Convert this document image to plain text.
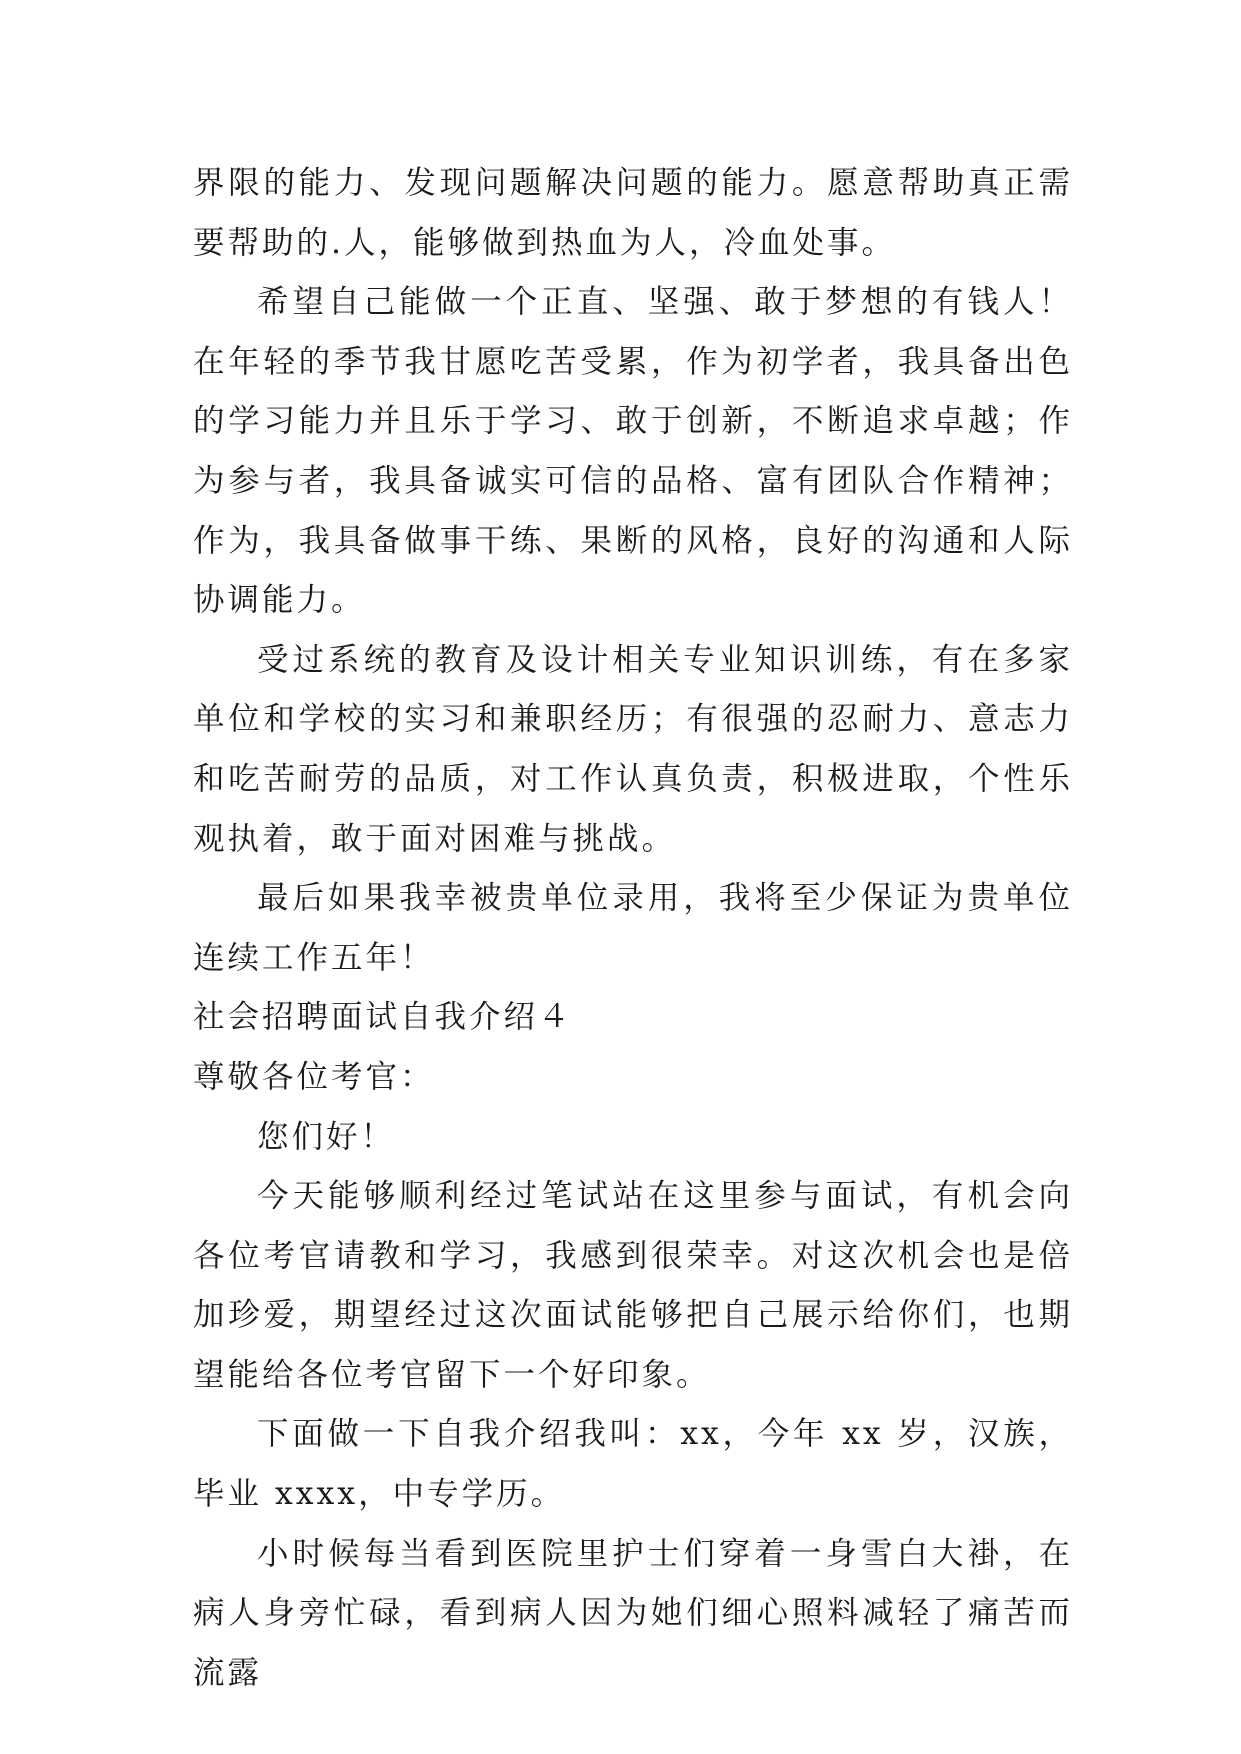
界限的能力、发现问题解决问题的能力。愿意帮助真正需要帮助的.人，能够做到热血为人，冷血处事。

希望自己能做一个正直、坚强、敢于梦想的有钱人！在年轻的季节我甘愿吃苦受累，作为初学者，我具备出色的学习能力并且乐于学习、敢于创新，不断追求卓越；作为参与者，我具备诚实可信的品格、富有团队合作精神；作为，我具备做事干练、果断的风格，良好的沟通和人际协调能力。

受过系统的教育及设计相关专业知识训练，有在多家单位和学校的实习和兼职经历；有很强的忍耐力、意志力和吃苦耐劳的品质，对工作认真负责，积极进取，个性乐观执着，敢于面对困难与挑战。

最后如果我幸被贵单位录用，我将至少保证为贵单位连续工作五年！

社会招聘面试自我介绍４

尊敬各位考官：

您们好！

今天能够顺利经过笔试站在这里参与面试，有机会向各位考官请教和学习，我感到很荣幸。对这次机会也是倍加珍爱，期望经过这次面试能够把自己展示给你们，也期望能给各位考官留下一个好印象。

下面做一下自我介绍我叫：xx，今年 xx 岁，汉族，毕业 xxxx，中专学历。

小时候每当看到医院里护士们穿着一身雪白大褂，在病人身旁忙碌，看到病人因为她们细心照料减轻了痛苦而流露
